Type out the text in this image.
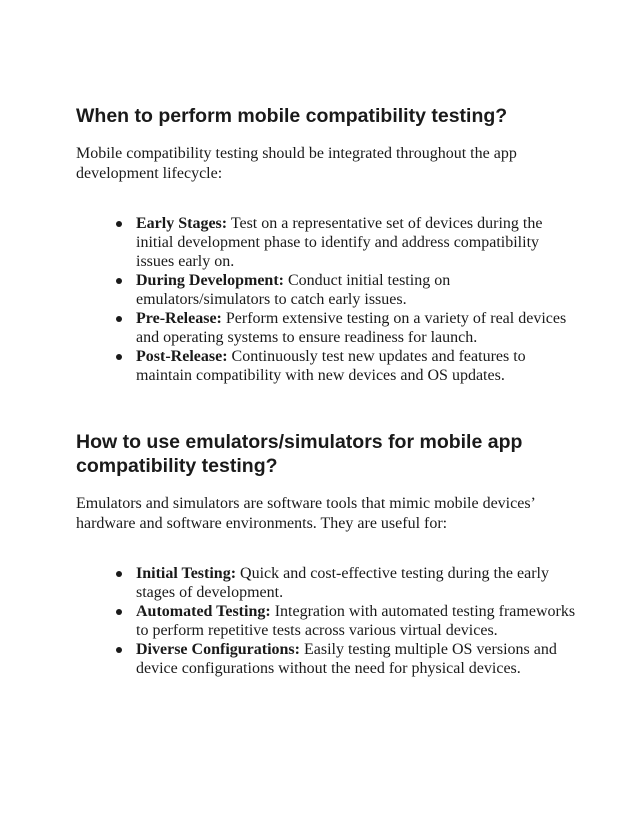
When to perform mobile compatibility testing?

Mobile compatibility testing should be integrated throughout the app development lifecycle:

Early Stages: Test on a representative set of devices during the initial development phase to identify and address compatibility issues early on.
During Development: Conduct initial testing on emulators/simulators to catch early issues.
Pre-Release: Perform extensive testing on a variety of real devices and operating systems to ensure readiness for launch.
Post-Release: Continuously test new updates and features to maintain compatibility with new devices and OS updates.
How to use emulators/simulators for mobile app compatibility testing?

Emulators and simulators are software tools that mimic mobile devices’ hardware and software environments. They are useful for:

Initial Testing: Quick and cost-effective testing during the early stages of development.
Automated Testing: Integration with automated testing frameworks to perform repetitive tests across various virtual devices.
Diverse Configurations: Easily testing multiple OS versions and device configurations without the need for physical devices.
